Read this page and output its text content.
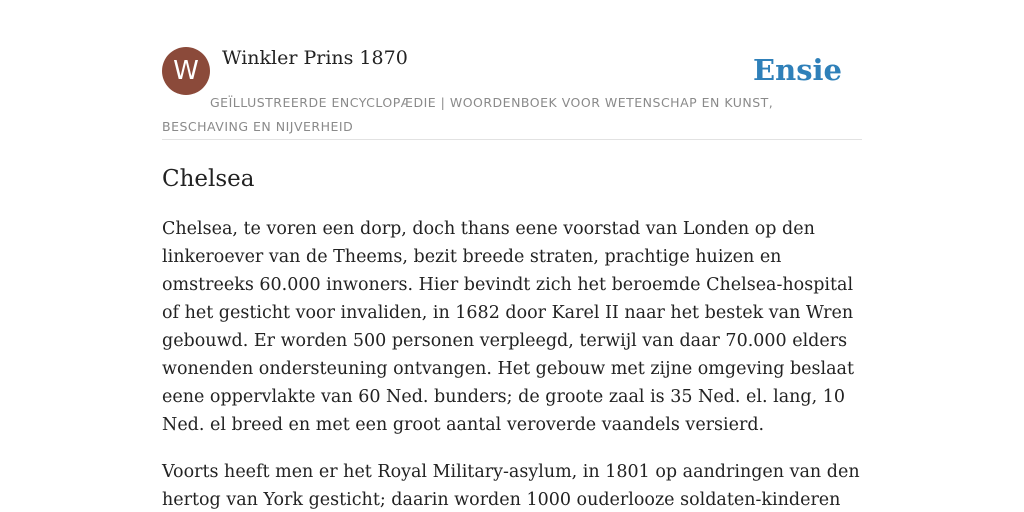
W	Winkler Prins 1870	Ensie
GEÏLLUSTREERDE ENCYCLOPÆDIE | WOORDENBOEK VOOR WETENSCHAP EN KUNST, BESCHAVING EN NIJVERHEID
Chelsea

Chelsea, te voren een dorp, doch thans eene voorstad van Londen op den linkeroever van de Theems, bezit breede straten, prachtige huizen en omstreeks 60.000 inwoners. Hier bevindt zich het beroemde Chelsea-hospital of het gesticht voor invaliden, in 1682 door Karel II naar het bestek van Wren gebouwd. Er worden 500 personen verpleegd, terwijl van daar 70.000 elders wonenden ondersteuning ontvangen. Het gebouw met zijne omgeving beslaat eene oppervlakte van 60 Ned. bunders; de groote zaal is 35 Ned. el. lang, 10 Ned. el breed en met een groot aantal veroverde vaandels versierd.

Voorts heeft men er het Royal Military-asylum, in 1801 op aandringen van den hertog van York gesticht; daarin worden 1000 ouderlooze soldaten-kinderen
